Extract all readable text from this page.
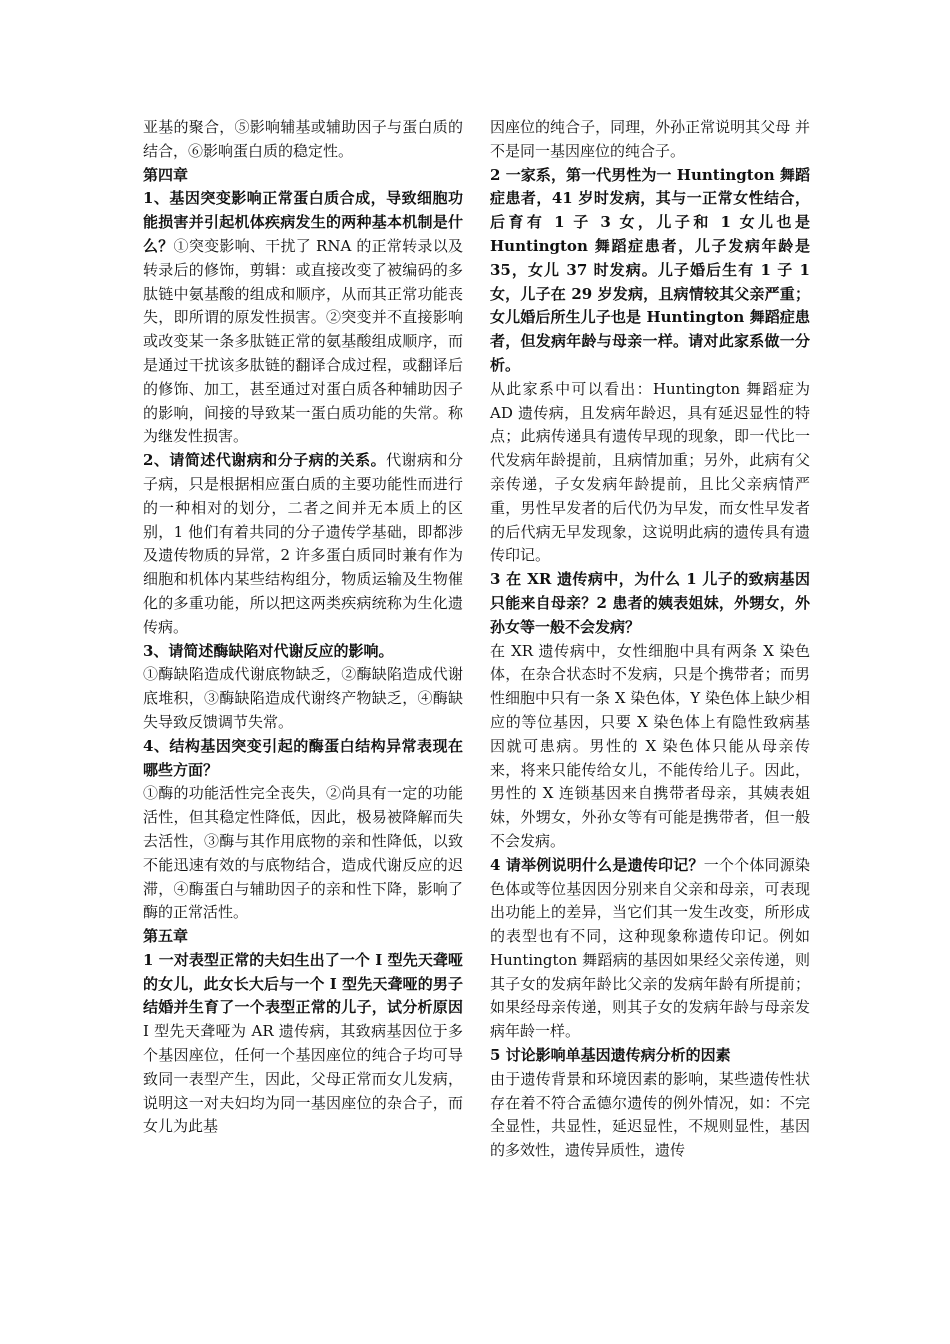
亚基的聚合，⑤影响辅基或辅助因子与蛋白质的结合，⑥影响蛋白质的稳定性。

第四章

1、基因突变影响正常蛋白质合成，导致细胞功能损害并引起机体疾病发生的两种基本机制是什么？①突变影响、干扰了 RNA 的正常转录以及转录后的修饰，剪辑：或直接改变了被编码的多肽链中氨基酸的组成和顺序，从而其正常功能丧失，即所谓的原发性损害。②突变并不直接影响或改变某一条多肽链正常的氨基酸组成顺序，而是通过干扰该多肽链的翻译合成过程，或翻译后的修饰、加工，甚至通过对蛋白质各种辅助因子的影响，间接的导致某一蛋白质功能的失常。称为继发性损害。

2、请简述代谢病和分子病的关系。代谢病和分子病，只是根据相应蛋白质的主要功能性而进行的一种相对的划分，二者之间并无本质上的区别，1 他们有着共同的分子遗传学基础，即都涉及遗传物质的异常，2 许多蛋白质同时兼有作为细胞和机体内某些结构组分，物质运输及生物催化的多重功能，所以把这两类疾病统称为生化遗传病。

3、请简述酶缺陷对代谢反应的影响。

①酶缺陷造成代谢底物缺乏，②酶缺陷造成代谢底堆积，③酶缺陷造成代谢终产物缺乏，④酶缺失导致反馈调节失常。

4、结构基因突变引起的酶蛋白结构异常表现在哪些方面？

①酶的功能活性完全丧失，②尚具有一定的功能活性，但其稳定性降低，因此，极易被降解而失去活性，③酶与其作用底物的亲和性降低，以致不能迅速有效的与底物结合，造成代谢反应的迟滞，④酶蛋白与辅助因子的亲和性下降，影响了酶的正常活性。

第五章

1 一对表型正常的夫妇生出了一个 I 型先天聋哑的女儿，此女长大后与一个 I 型先天聋哑的男子结婚并生育了一个表型正常的儿子，试分析原因I 型先天聋哑为 AR 遗传病，其致病基因位于多个基因座位，任何一个基因座位的纯合子均可导致同一表型产生，因此，父母正常而女儿发病，说明这一对夫妇均为同一基因座位的杂合子，而女儿为此基

因座位的纯合子，同理，外孙正常说明其父母 并不是同一基因座位的纯合子。

2 一家系，第一代男性为一 Huntington 舞蹈症患者，41 岁时发病，其与一正常女性结合，后育有 1 子 3 女，儿子和 1 女儿也是 Huntington 舞蹈症患者，儿子发病年龄是 35，女儿 37 时发病。儿子婚后生有 1 子 1 女，儿子在 29 岁发病，且病情较其父亲严重；女儿婚后所生儿子也是 Huntington 舞蹈症患者，但发病年龄与母亲一样。请对此家系做一分析。

从此家系中可以看出：Huntington 舞蹈症为 AD 遗传病，且发病年龄迟，具有延迟显性的特点；此病传递具有遗传早现的现象，即一代比一代发病年龄提前，且病情加重；另外，此病有父亲传递，子女发病年龄提前，且比父亲病情严重，男性早发者的后代仍为早发，而女性早发者的后代病无早发现象，这说明此病的遗传具有遗传印记。

3 在 XR 遗传病中，为什么 1 儿子的致病基因只能来自母亲？2 患者的姨表姐妹，外甥女，外孙女等一般不会发病？

在 XR 遗传病中，女性细胞中具有两条 X 染色体，在杂合状态时不发病，只是个携带者；而男性细胞中只有一条 X 染色体，Y 染色体上缺少相应的等位基因，只要 X 染色体上有隐性致病基因就可患病。男性的 X 染色体只能从母亲传来，将来只能传给女儿，不能传给儿子。因此，男性的 X 连锁基因来自携带者母亲，其姨表姐妹，外甥女，外孙女等有可能是携带者，但一般不会发病。

4 请举例说明什么是遗传印记？一个个体同源染色体或等位基因因分别来自父亲和母亲，可表现出功能上的差异，当它们其一发生改变，所形成的表型也有不同，这种现象称遗传印记。例如 Huntington 舞蹈病的基因如果经父亲传递，则其子女的发病年龄比父亲的发病年龄有所提前；如果经母亲传递，则其子女的发病年龄与母亲发病年龄一样。

5 讨论影响单基因遗传病分析的因素

由于遗传背景和环境因素的影响，某些遗传性状存在着不符合孟德尔遗传的例外情况，如：不完全显性，共显性，延迟显性，不规则显性，基因的多效性，遗传异质性，遗传
